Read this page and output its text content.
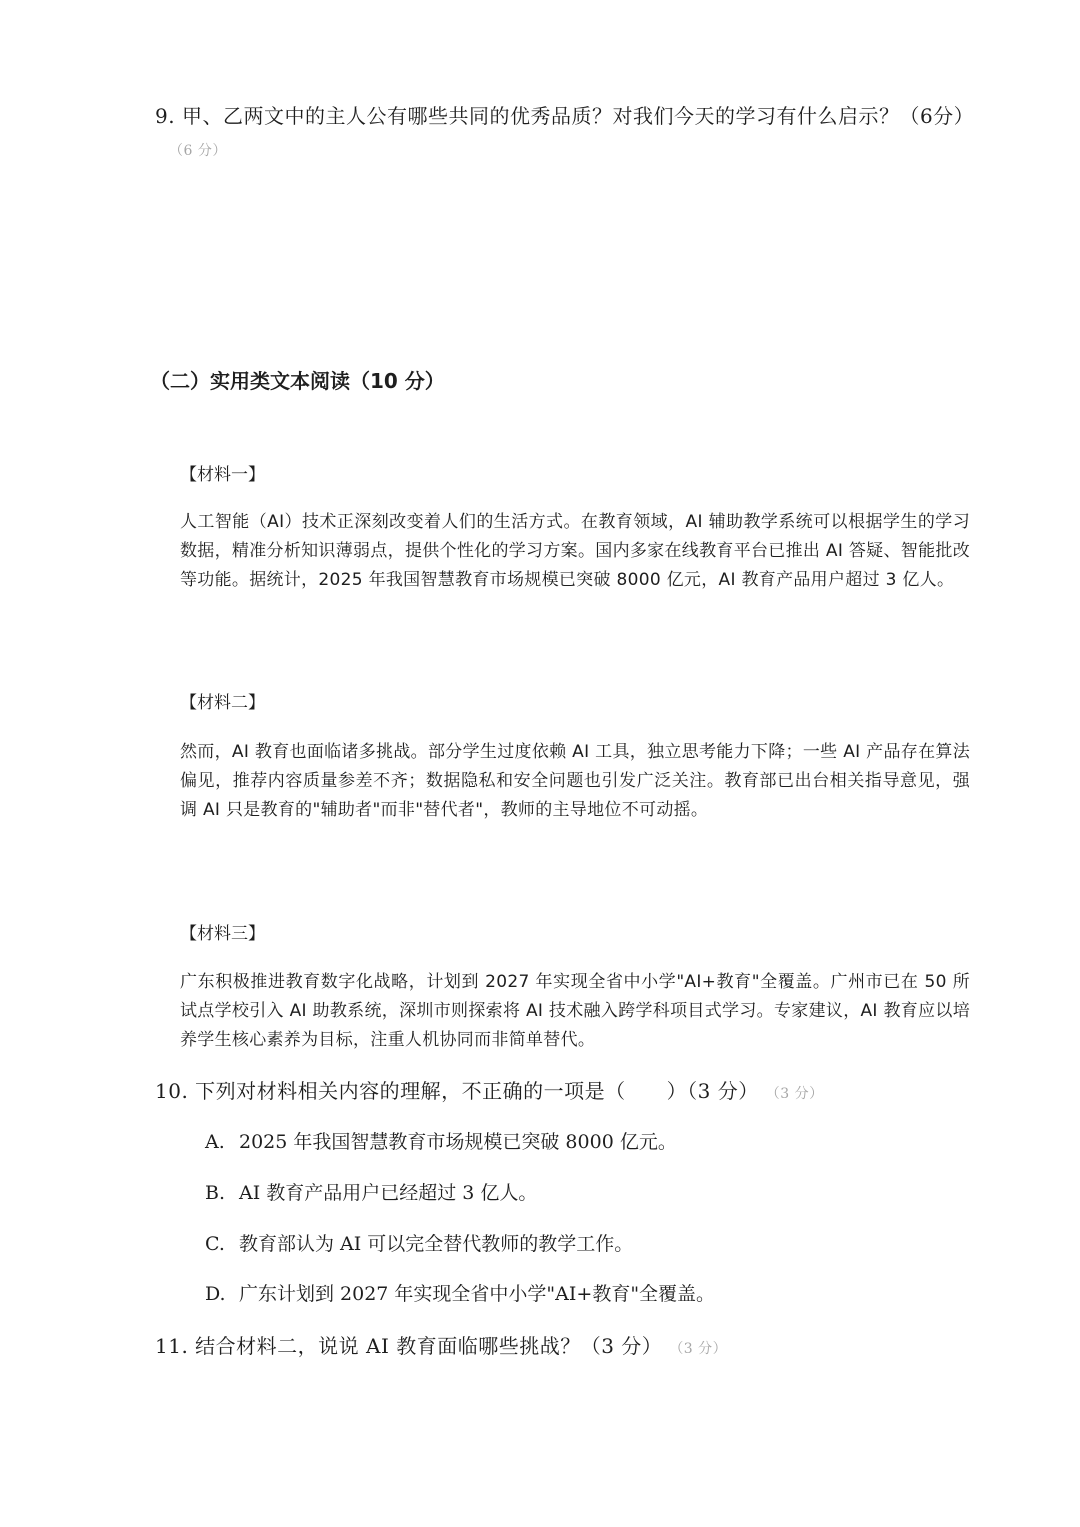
9. 甲、乙两文中的主人公有哪些共同的优秀品质？对我们今天的学习有什么启示？（6分）（6 分）
（二）实用类文本阅读（10 分）
【材料一】
人工智能（AI）技术正深刻改变着人们的生活方式。在教育领域，AI 辅助教学系统可以根据学生的学习数据，精准分析知识薄弱点，提供个性化的学习方案。国内多家在线教育平台已推出 AI 答疑、智能批改等功能。据统计，2025 年我国智慧教育市场规模已突破 8000 亿元，AI 教育产品用户超过 3 亿人。
【材料二】
然而，AI 教育也面临诸多挑战。部分学生过度依赖 AI 工具，独立思考能力下降；一些 AI 产品存在算法偏见，推荐内容质量参差不齐；数据隐私和安全问题也引发广泛关注。教育部已出台相关指导意见，强调 AI 只是教育的"辅助者"而非"替代者"，教师的主导地位不可动摇。
【材料三】
广东积极推进教育数字化战略，计划到 2027 年实现全省中小学"AI+教育"全覆盖。广州市已在 50 所试点学校引入 AI 助教系统，深圳市则探索将 AI 技术融入跨学科项目式学习。专家建议，AI 教育应以培养学生核心素养为目标，注重人机协同而非简单替代。
10. 下列对材料相关内容的理解，不正确的一项是（　　）（3 分） （3 分）
A. 2025 年我国智慧教育市场规模已突破 8000 亿元。
B. AI 教育产品用户已经超过 3 亿人。
C. 教育部认为 AI 可以完全替代教师的教学工作。
D. 广东计划到 2027 年实现全省中小学"AI+教育"全覆盖。
11. 结合材料二，说说 AI 教育面临哪些挑战？（3 分） （3 分）
